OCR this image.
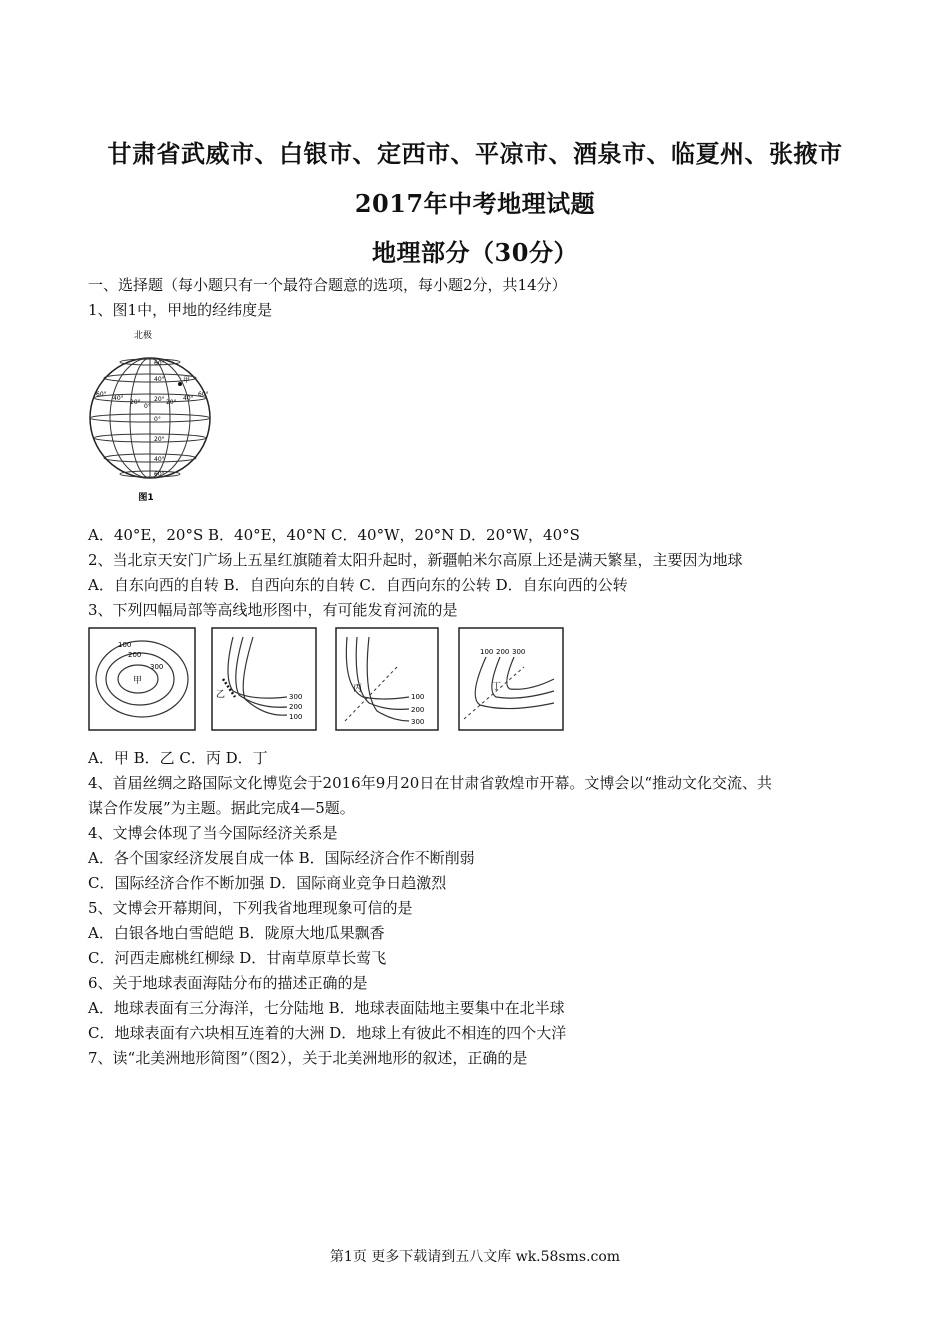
甘肃省武威市、白银市、定西市、平凉市、酒泉市、临夏州、张掖市
2017年中考地理试题
地理部分（30分）
一、选择题（每小题只有一个最符合题意的选项，每小题2分，共14分）
1、图1中，甲地的经纬度是
北极
60°
40°
20°
0°
20°
40°
60°
60°
40°
20°
0°
20°
40°
60°
甲
图1
A．40°E，20°S B．40°E，40°N C．40°W，20°N D．20°W，40°S
2、当北京天安门广场上五星红旗随着太阳升起时，新疆帕米尔高原上还是满天繁星，主要因为地球
A．自东向西的自转 B．自西向东的自转 C．自西向东的公转 D．自东向西的公转
3、下列四幅局部等高线地形图中，有可能发育河流的是
100
200
300
甲
300
200
100
乙	100
200
300
丙
100 200 300
丁
A．甲 B．乙 C．丙 D．丁
4、首届丝绸之路国际文化博览会于2016年9月20日在甘肃省敦煌市开幕。文博会以“推动文化交流、共
谋合作发展”为主题。据此完成4—5题。
4、文博会体现了当今国际经济关系是
A．各个国家经济发展自成一体 B．国际经济合作不断削弱
C．国际经济合作不断加强 D．国际商业竞争日趋激烈
5、文博会开幕期间，下列我省地理现象可信的是
A．白银各地白雪皑皑 B．陇原大地瓜果飘香
C．河西走廊桃红柳绿 D．甘南草原草长莺飞
6、关于地球表面海陆分布的描述正确的是
A．地球表面有三分海洋，七分陆地 B．地球表面陆地主要集中在北半球
C．地球表面有六块相互连着的大洲 D．地球上有彼此不相连的四个大洋
7、读“北美洲地形简图”（图2），关于北美洲地形的叙述，正确的是
第1页 更多下载请到五八文库 wk.58sms.com
